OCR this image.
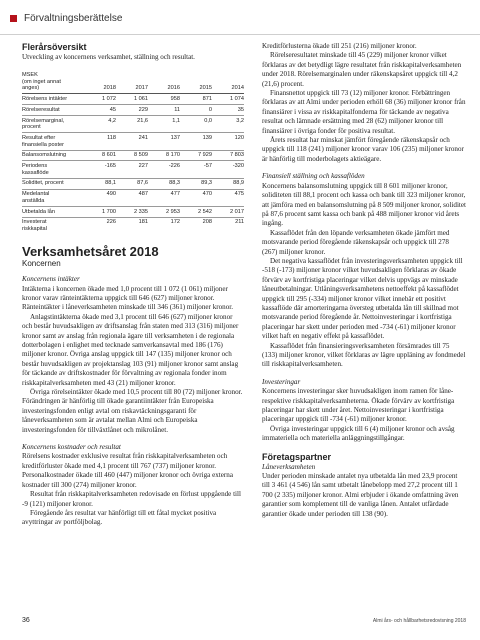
Förvaltningsberättelse

Flerårsöversikt

Utveckling av koncernens verksamhet, ställning och resultat.

MSEK
(om inget annat
anges)	2018	2017	2016	2015	2014
Rörelsens intäkter	1 072	1 061	958	871	1 074
Rörelseresultat	45	229	11	0	35
Rörelsemarginal,
procent	4,2	21,6	1,1	0,0	3,2
Resultat efter
finansiella poster	118	241	137	139	120
Balansomslutning	8 601	8 509	8 170	7 929	7 803
Periodens
kassaflöde	-165	227	-226	-57	-320
Soliditet, procent	88,1	87,6	88,3	89,3	88,9
Medelantal
anställda	490	487	477	470	475
Utbetalda lån	1 700	2 335	2 953	2 542	2 017
Investerat
riskkapital	226	181	172	208	211

Verksamhetsåret 2018

Koncernen

Koncernens intäkter

Intäkterna i koncernen ökade med 1,0 procent till 1 072 (1 061) miljoner kronor varav ränteintäkterna uppgick till 646 (627) miljoner kronor. Ränteintäkter i låneverksamheten minskade till 346 (361) miljoner kronor.

Anlagstintäkterna ökade med 3,1 procent till 646 (627) miljoner kronor och består huvudsakligen av driftsanslag från staten med 313 (316) miljoner kronor samt av anslag från regionala ägare till verksamheten i de regionala dotterbolagen i enlighet med tecknade samverkansavtal med 186 (176) miljoner kronor. Övriga anslag uppgick till 147 (135) miljoner kronor och består huvudsakligen av projektanslag 103 (91) miljoner kronor samt anslag för täckande av driftskostnader för förvaltning av regionala fonder inom riskkapitalverksamheten med 43 (21) miljoner kronor.

Övriga rörelseintäkter ökade med 10,5 procent till 80 (72) miljoner kronor. Förändringen är hänförlig till ökade garantiintäkter från Europeiska investeringsfonden enligt avtal om riskavtäckningsgaranti för låneverksamheten som är avtalat mellan Almi och Europeiska investeringsfonden för tillväxtlånet och mikrolånet.

Koncernens kostnader och resultat

Rörelsens kostnader exklusive resultat från riskkapitalverksamheten och kreditförluster ökade med 4,1 procent till 767 (737) miljoner kronor. Personalkostnader ökade till 460 (447) miljoner kronor och övriga externa kostnader till 300 (274) miljoner kronor.

Resultat från riskkapitalverksamheten redovisade en förlust uppgående till -9 (121) miljoner kronor.

Föregående års resultat var hänförligt till ett fåtal mycket positiva avyttringar av portföljbolag.

Kreditförlusterna ökade till 251 (216) miljoner kronor.

Rörelseresultatet minskade till 45 (229) miljoner kronor vilket förklaras av det betydligt lägre resultatet från riskkapitalverksamheten under 2018. Rörelsemarginalen under räkenskapsåret uppgick till 4,2 (21,6) procent.

Finansnettot uppgick till 73 (12) miljoner kronor. Förbättringen förklaras av att Almi under perioden erhöll 68 (36) miljoner kronor från finansiärer i vissa av riskkapitalfonderna för täckande av negativa resultat och lämnade ersättning med 28 (62) miljoner kronor till finansiärer i övriga fonder för positiva resultat.

Årets resultat har minskat jämfört föregående räkenskapsår och uppgick till 118 (241) miljoner kronor varav 106 (235) miljoner kronor är hänförlig till moderbolagets aktieägare.

Finansiell ställning och kassaflöden

Koncernens balansomslutning uppgick till 8 601 miljoner kronor, soliditeten till 88,1 procent och kassa och bank till 323 miljoner kronor, att jämföra med en balansomslutning på 8 509 miljoner kronor, soliditet på 87,6 procent samt kassa och bank på 488 miljoner kronor vid årets ingång.

Kassaflödet från den löpande verksamheten ökade jämfört med motsvarande period föregående räkenskapsår och uppgick till 278 (267) miljoner kronor.

Det negativa kassaflödet från investeringsverksamheten uppgick till -518 (-173) miljoner kronor vilket huvudsakligen förklaras av ökade förvärv av kortfristiga placeringar vilket delvis uppvägs av minskade låneutbetalningar. Utlåningsverksamhetens nettoeffekt på kassaflödet uppgick till 295 (-334) miljoner kronor vilket innebär ett positivt kassaflöde där amorteringarna översteg utbetalda lån till skillnad mot motsvarande period föregående år. Nettoinvesteringar i kortfristiga placeringar har skett under perioden med -734 (-61) miljoner kronor vilket haft en negativ effekt på kassaflödet.

Kassaflödet från finansieringsverksamheten försämrades till 75 (133) miljoner kronor, vilket förklaras av lägre uppläning av fondmedel till riskkapitalverksamheten.

Investeringar

Koncernens investeringar sker huvudsakligen inom ramen för låne- respektive riskkapitalverksamheterna. Ökade förvärv av kortfristiga placeringar har skett under året. Nettoinvesteringar i kortfristiga placeringar uppgick till -734 (-61) miljoner kronor.

Övriga investeringar uppgick till 6 (4) miljoner kronor och avsåg immateriella och materiella anläggningstillgångar.

Företagspartner

Låneverksamheten

Under perioden minskade antalet nya utbetalda lån med 23,9 procent till 3 461 (4 546) lån samt utbetalt lånebelopp med 27,2 procent till 1 700 (2 335) miljoner kronor. Almi erbjuder i ökande omfattning även garantier som komplement till de vanliga lånen. Antalet utfärdade garantier ökade under perioden till 138 (90).

36	Almi års- och hållbarhetsredovisning 2018
